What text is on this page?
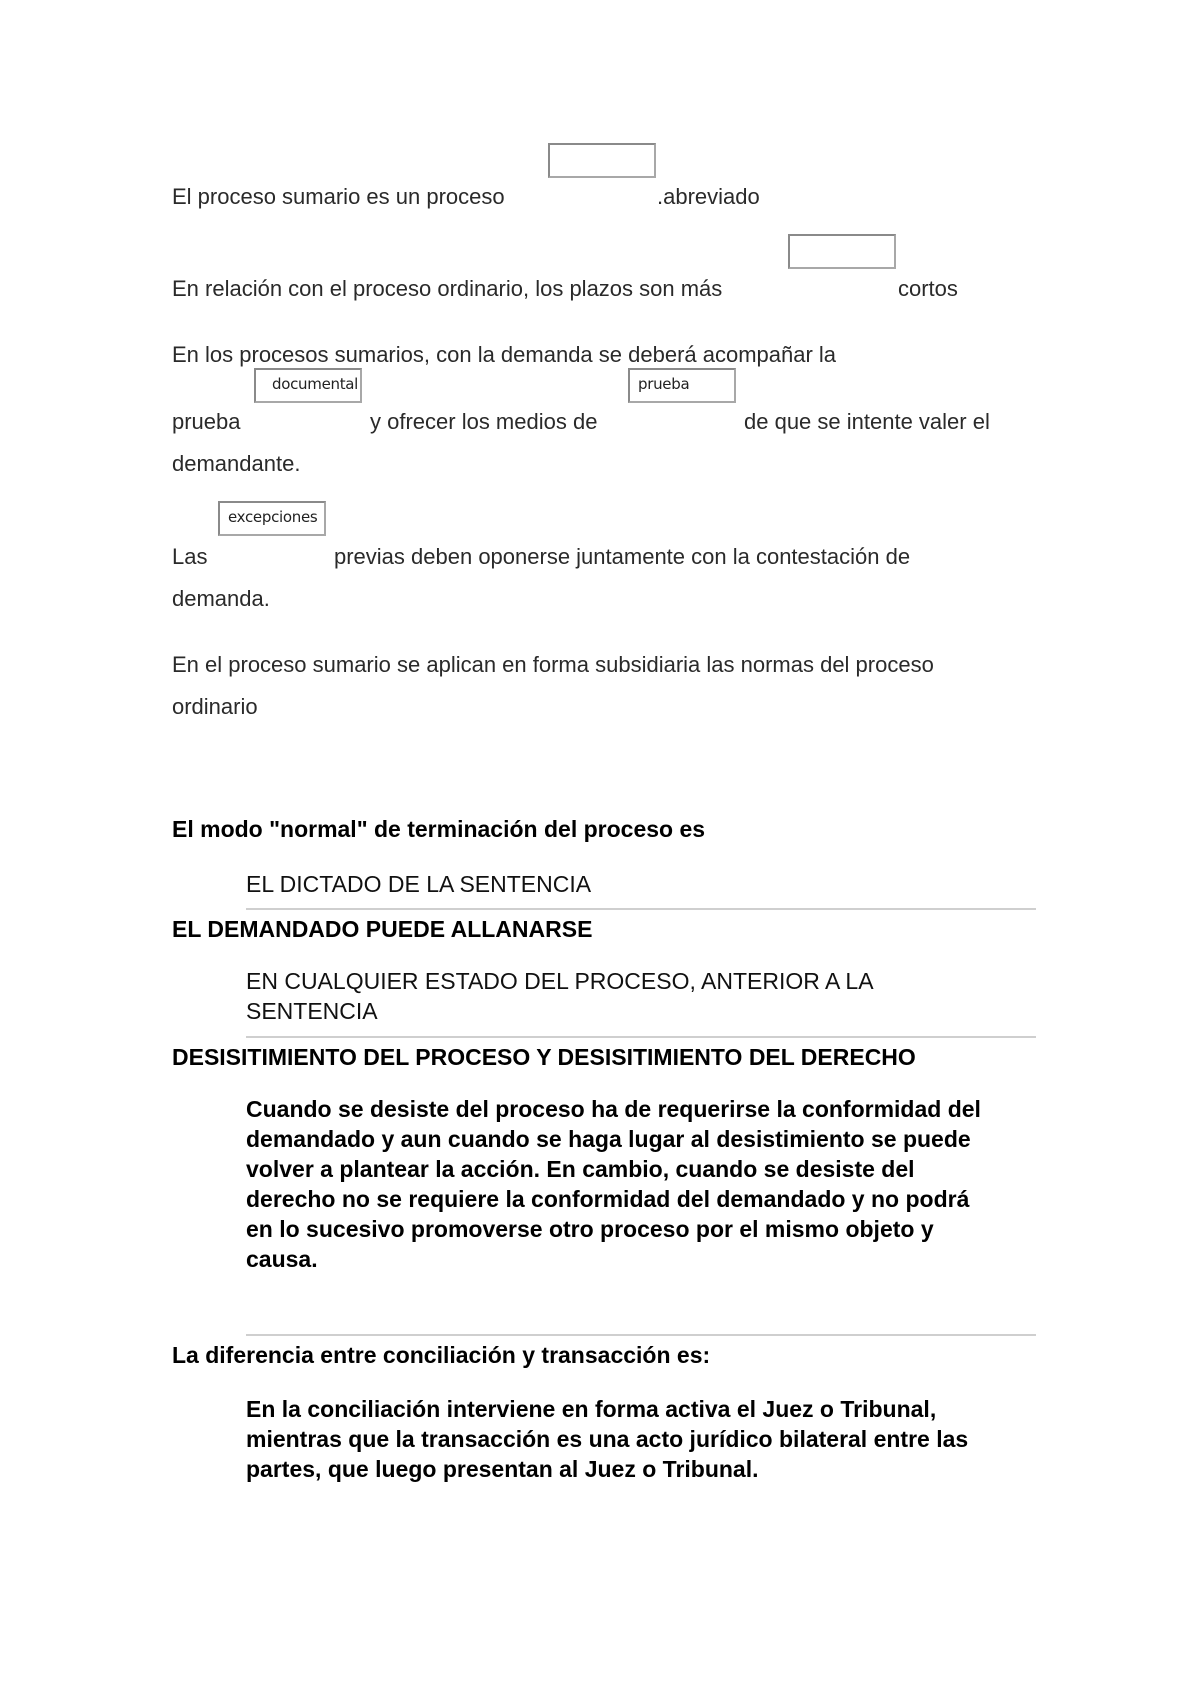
El proceso sumario es un proceso	.abreviado
En relación con el proceso ordinario, los plazos son más	cortos
En los procesos sumarios, con la demanda se deberá acompañar la
documental	prueba
prueba	y ofrecer los medios de	de que se intente valer el
demandante.
excepciones
Las	previas deben oponerse juntamente con la contestación de
demanda.
En el proceso sumario se aplican en forma subsidiaria las normas del proceso
ordinario
El modo "normal" de terminación del proceso es
EL DICTADO DE LA SENTENCIA
EL DEMANDADO PUEDE ALLANARSE
EN CUALQUIER ESTADO DEL PROCESO, ANTERIOR A LA
SENTENCIA
DESISITIMIENTO DEL PROCESO Y DESISITIMIENTO DEL DERECHO
Cuando se desiste del proceso ha de requerirse la conformidad del
demandado y aun cuando se haga lugar al desistimiento se puede
volver a plantear la acción. En cambio, cuando se desiste del
derecho no se requiere la conformidad del demandado y no podrá
en lo sucesivo promoverse otro proceso por el mismo objeto y
causa.
La diferencia entre conciliación y transacción es:
En la conciliación interviene en forma activa el Juez o Tribunal,
mientras que la transacción es una acto jurídico bilateral entre las
partes, que luego presentan al Juez o Tribunal.
